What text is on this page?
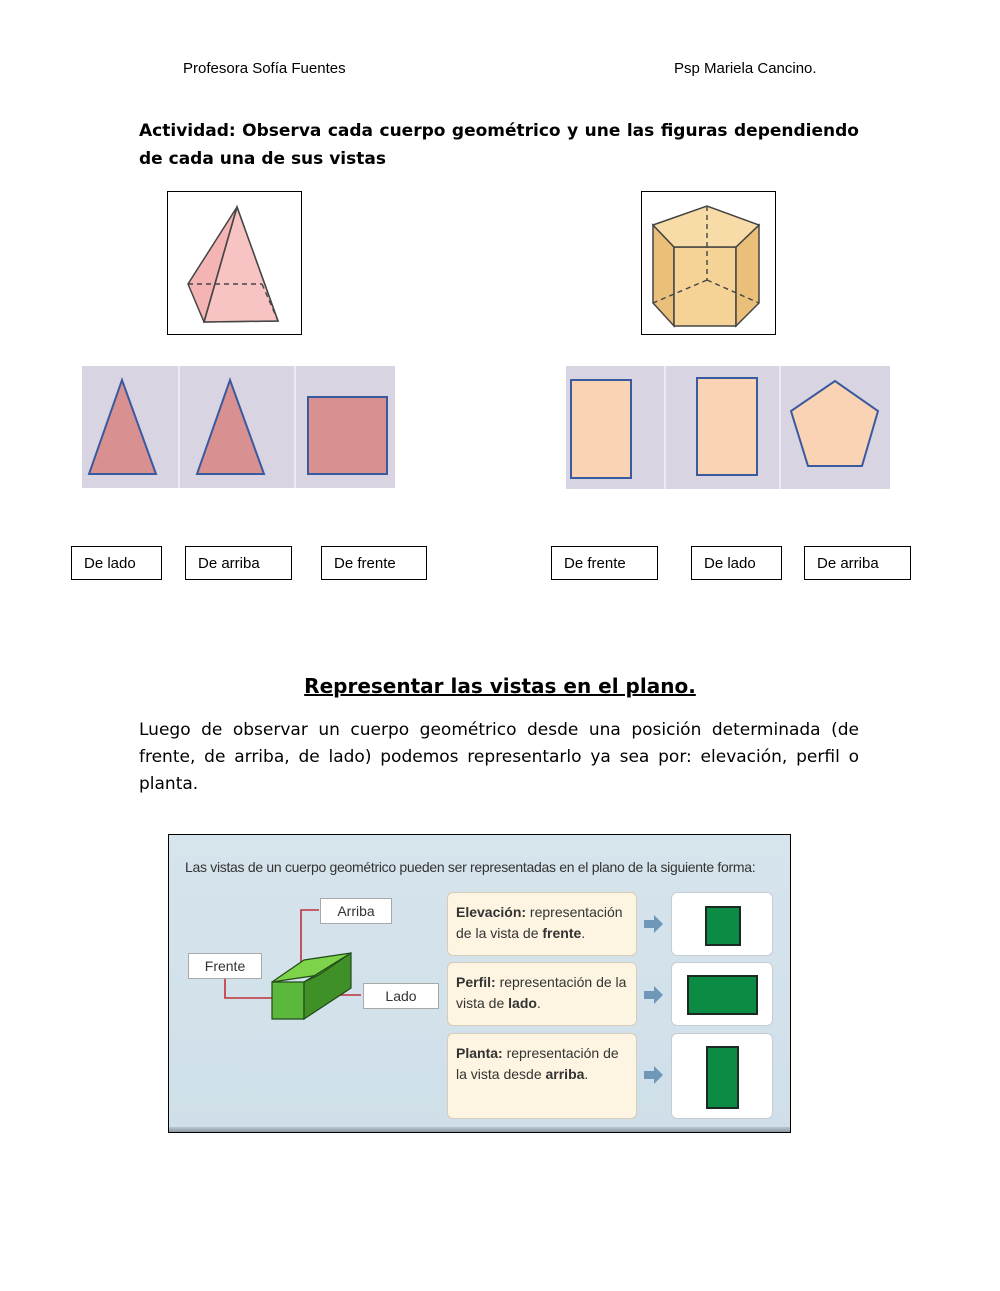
Profesora Sofía Fuentes	Psp Mariela Cancino.
Actividad: Observa cada cuerpo geométrico y une las figuras dependiendo de cada una de sus vistas
De lado	De arriba	De frente	De frente	De lado	De arriba
Representar las vistas en el plano.
Luego de observar un cuerpo geométrico desde una posición determinada (de frente, de arriba, de lado) podemos representarlo ya sea por: elevación, perfil o planta.
Las vistas de un cuerpo geométrico pueden ser representadas en el plano de la siguiente forma:
Arriba
Frente
Lado
Elevación: representación de la vista de frente.
Perfil: representación de la vista de lado.
Planta: representación de la vista desde arriba.
